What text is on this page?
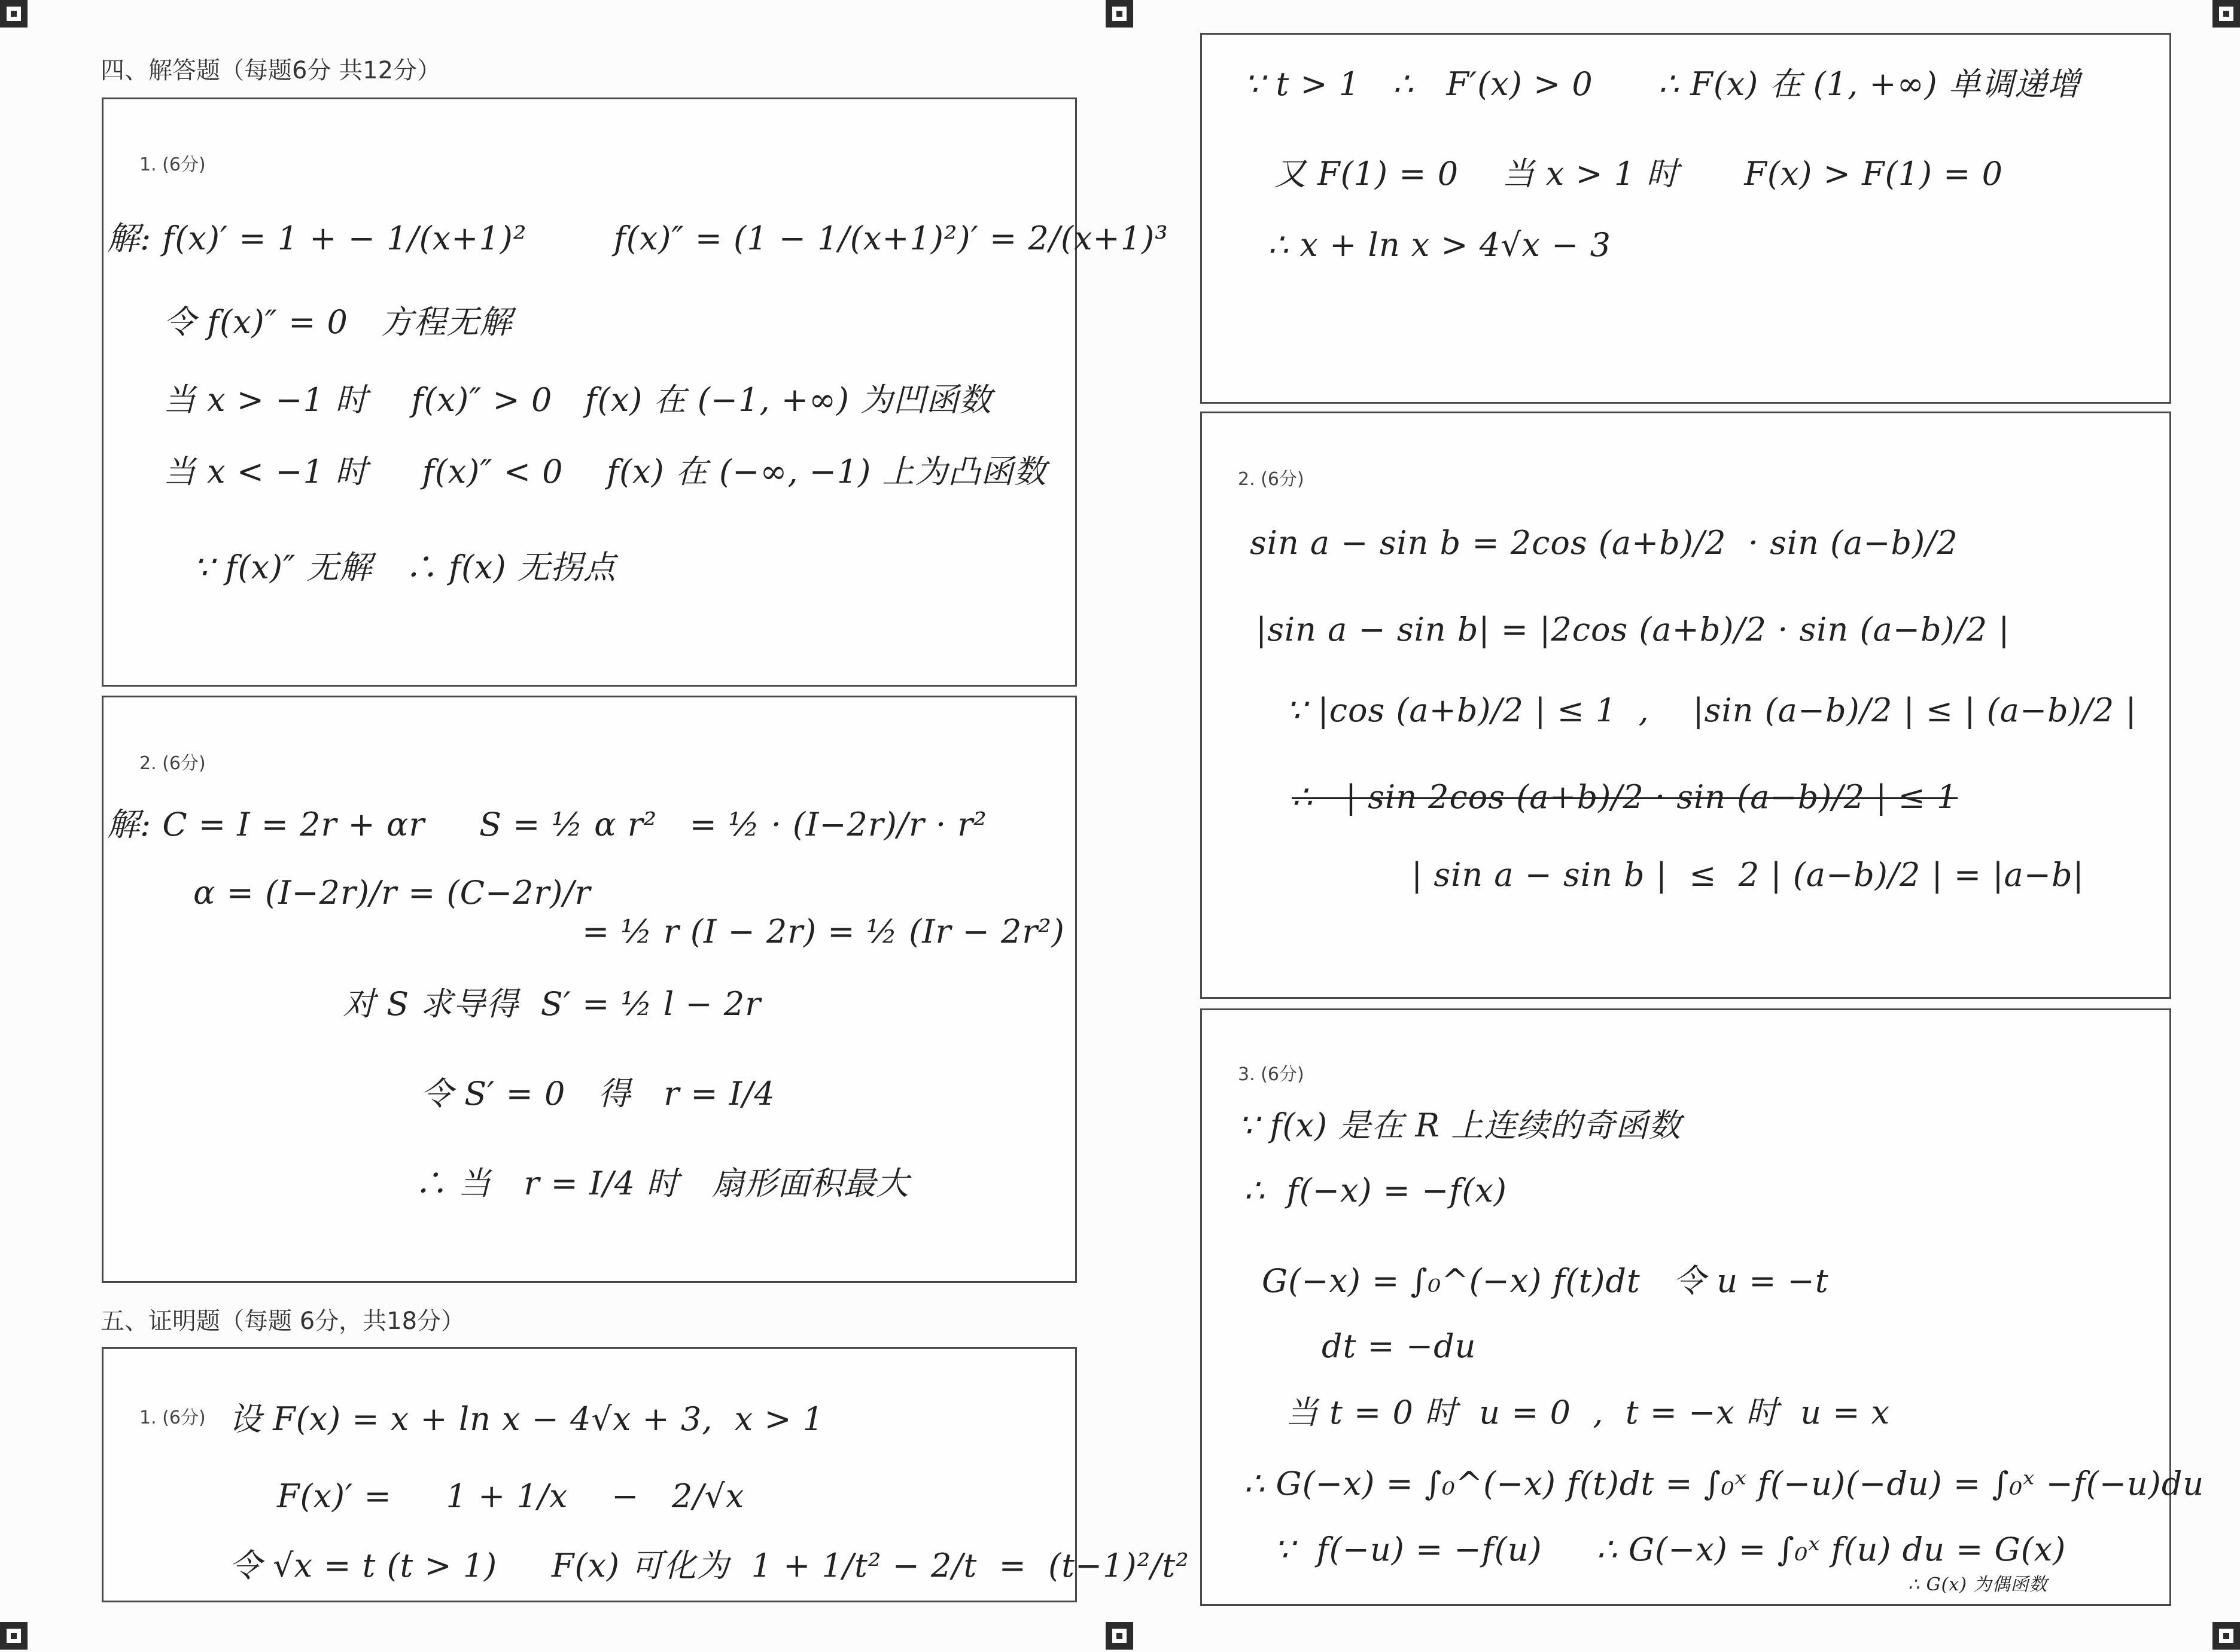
四、解答题（每题6分 共12分）
1. (6分)
解: f(x)′ = 1 + − 1/(x+1)²        f(x)″ = (1 − 1/(x+1)²)′ = 2/(x+1)³
令 f(x)″ = 0   方程无解
当 x > −1 时    f(x)″ > 0   f(x) 在 (−1, +∞) 为凹函数
当 x < −1 时     f(x)″ < 0    f(x) 在 (−∞, −1) 上为凸函数
∵ f(x)″ 无解   ∴ f(x) 无拐点
2. (6分)
解: C = I = 2r + αr     S = ½ α r²   = ½ · (I−2r)/r · r²
α = (I−2r)/r = (C−2r)/r
= ½ r (I − 2r) = ½ (Ir − 2r²)
对 S 求导得  S′ = ½ l − 2r
令 S′ = 0   得   r = I/4
∴ 当   r = I/4 时   扇形面积最大
五、证明题（每题 6分，共18分）
1. (6分) 设 F(x) = x + ln x − 4√x + 3,  x > 1
F(x)′ =     1 + 1/x    −   2/√x
令 √x = t (t > 1)     F(x) 可化为  1 + 1/t² − 2/t  =  (t−1)²/t²
∵ t > 1   ∴   F′(x) > 0      ∴ F(x) 在 (1, +∞) 单调递增
又 F(1) = 0    当 x > 1 时      F(x) > F(1) = 0
∴ x + ln x > 4√x − 3
2. (6分)
sin a − sin b = 2cos (a+b)/2  · sin (a−b)/2
|sin a − sin b| = |2cos (a+b)/2 · sin (a−b)/2 |
∵ |cos (a+b)/2 | ≤ 1  ,    |sin (a−b)/2 | ≤ | (a−b)/2 |
∴   | sin 2cos (a+b)/2 · sin (a−b)/2 | ≤ 1
| sin a − sin b |  ≤  2 | (a−b)/2 | = |a−b|
3. (6分)
∵ f(x) 是在 R 上连续的奇函数
∴  f(−x) = −f(x)
G(−x) = ∫₀^(−x) f(t)dt   令 u = −t
dt = −du
当 t = 0 时  u = 0  ,  t = −x 时  u = x
∴ G(−x) = ∫₀^(−x) f(t)dt = ∫₀ˣ f(−u)(−du) = ∫₀ˣ −f(−u)du
∵  f(−u) = −f(u)     ∴ G(−x) = ∫₀ˣ f(u) du = G(x)
∴ G(x) 为偶函数
